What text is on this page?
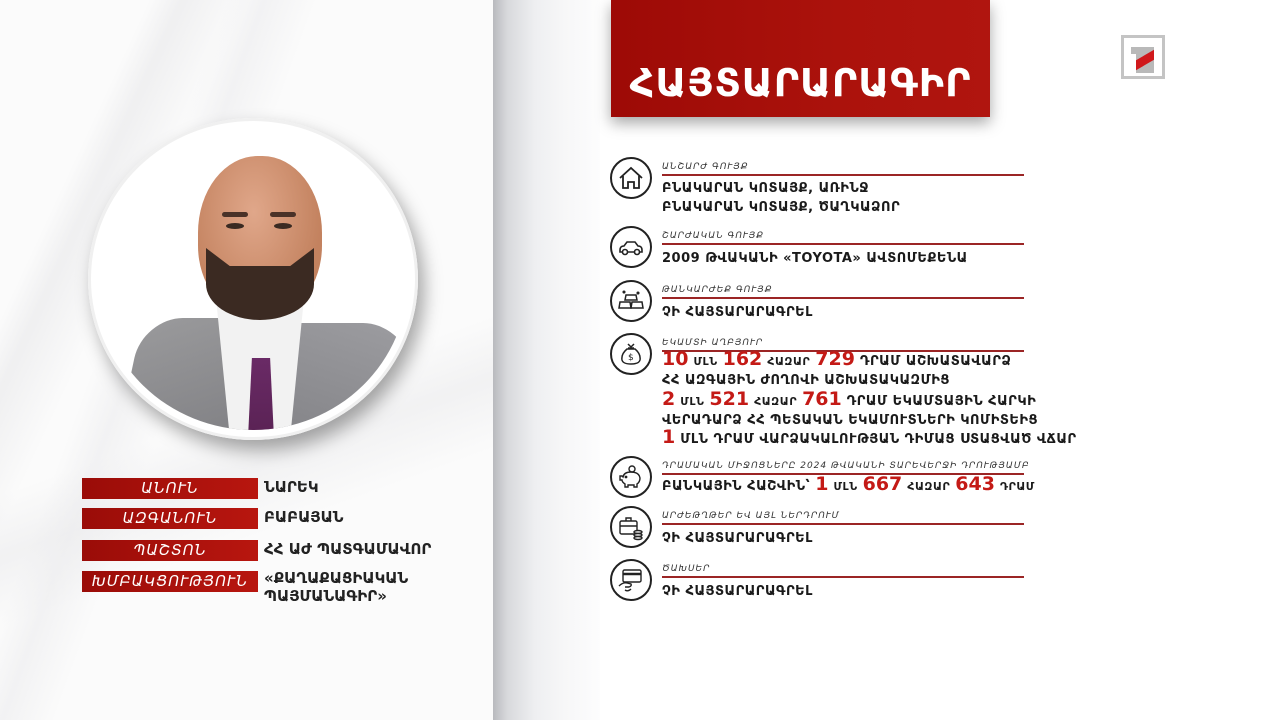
ՀԱՅՏԱՐԱՐԱԳԻՐ
ԱՆՈՒՆ	ՆԱՐԵԿ
ԱԶԳԱՆՈՒՆ	ԲԱԲԱՅԱՆ
ՊԱՇՏՈՆ	ՀՀ ԱԺ ՊԱՏԳԱՄԱՎՈՐ
ԽՄԲԱԿՑՈՒԹՅՈՒՆ	«ՔԱՂԱՔԱՑԻԱԿԱՆ
ՊԱՅՄԱՆԱԳԻՐ»
ԱՆՇԱՐԺ ԳՈՒՅՔ
ԲՆԱԿԱՐԱՆ ԿՈՏԱՅՔ, ԱՌԻՆՋ
ԲՆԱԿԱՐԱՆ ԿՈՏԱՅՔ, ԾԱՂԿԱՁՈՐ
ՇԱՐԺԱԿԱՆ ԳՈՒՅՔ
2009 ԹՎԱԿԱՆԻ «TOYOTA» ԱՎՏՈՄԵՔԵՆԱ
ԹԱՆԿԱՐԺԵՔ ԳՈՒՅՔ
ՉԻ ՀԱՅՏԱՐԱՐԱԳՐԵԼ
$
ԵԿԱՄՏԻ ԱՂԲՅՈՒՐ
10 ՄԼՆ 162 ՀԱԶԱՐ 729 ԴՐԱՄ ԱՇԽԱՏԱՎԱՐՁ
ՀՀ ԱԶԳԱՅԻՆ ԺՈՂՈՎԻ ԱՇԽԱՏԱԿԱԶՄԻՑ
2 ՄԼՆ 521 ՀԱԶԱՐ 761 ԴՐԱՄ ԵԿԱՄՏԱՅԻՆ ՀԱՐԿԻ
ՎԵՐԱԴԱՐՁ ՀՀ ՊԵՏԱԿԱՆ ԵԿԱՄՈՒՏՆԵՐԻ ԿՈՄԻՏԵԻՑ
1 ՄԼՆ ԴՐԱՄ ՎԱՐՁԱԿԱԼՈՒԹՅԱՆ ԴԻՄԱՑ ՍՏԱՑՎԱԾ ՎՃԱՐ
ԴՐԱՄԱԿԱՆ ՄԻՋՈՑՆԵՐԸ 2024 ԹՎԱԿԱՆԻ ՏԱՐԵՎԵՐՋԻ ԴՐՈՒԹՅԱՄԲ
ԲԱՆԿԱՅԻՆ ՀԱՇՎԻՆ՝ 1 ՄԼՆ 667 ՀԱԶԱՐ 643 ԴՐԱՄ
ԱՐԺԵԹՂԹԵՐ ԵՎ ԱՅԼ ՆԵՐԴՐՈՒՄ
ՉԻ ՀԱՅՏԱՐԱՐԱԳՐԵԼ
ԾԱԽՍԵՐ
ՉԻ ՀԱՅՏԱՐԱՐԱԳՐԵԼ
